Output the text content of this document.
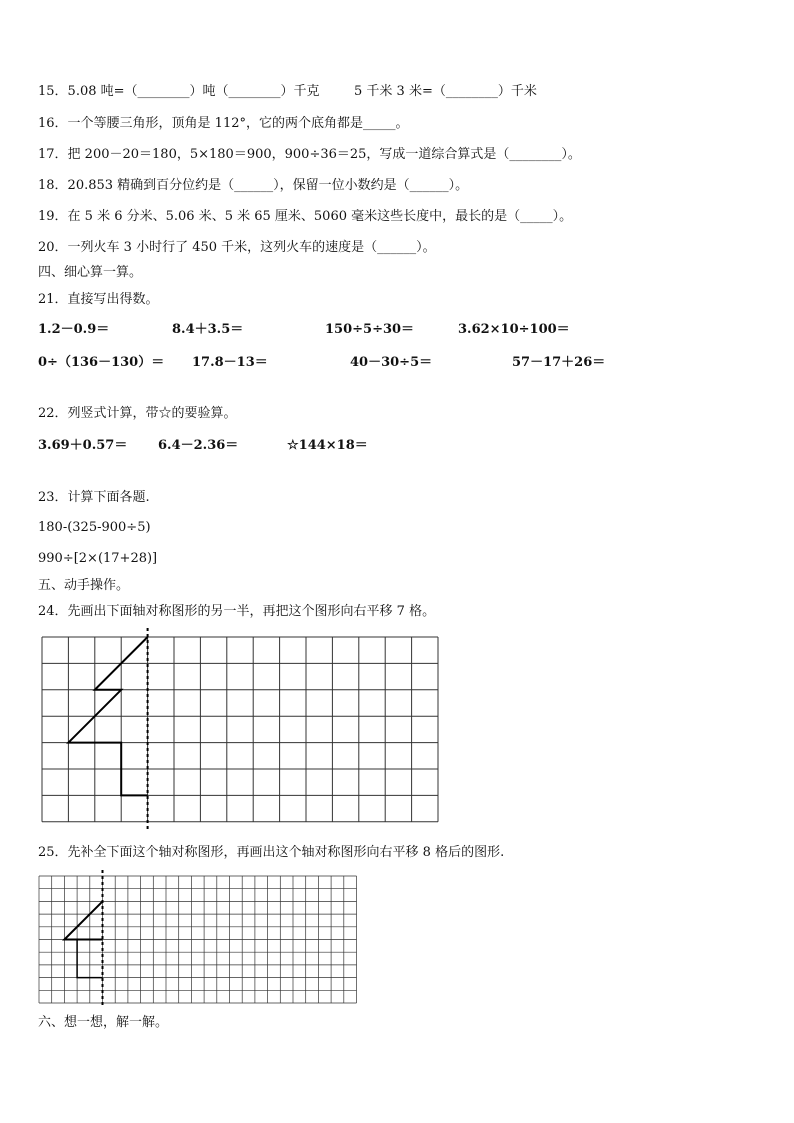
15．5.08 吨=（________）吨（________）千克	5 千米 3 米=（________）千米
16．一个等腰三角形，顶角是 112°，它的两个底角都是_____。
17．把 200－20＝180，5×180＝900，900÷36＝25，写成一道综合算式是（________）。
18．20.853 精确到百分位约是（______），保留一位小数约是（______）。
19．在 5 米 6 分米、5.06 米、5 米 65 厘米、5060 毫米这些长度中，最长的是（_____）。
20．一列火车 3 小时行了 450 千米，这列火车的速度是（______）。
四、细心算一算。
21．直接写出得数。
1.2－0.9＝	8.4＋3.5＝	150÷5÷30＝	3.62×10÷100＝
0÷（136－130）＝ 17.8－13＝	40－30÷5＝	57－17＋26＝
22．列竖式计算，带☆的要验算。
3.69＋0.57＝ 6.4－2.36＝	☆144×18＝
23．计算下面各题.
180-(325-900÷5)
990÷[2×(17+28)]
五、动手操作。
24．先画出下面轴对称图形的另一半，再把这个图形向右平移 7 格。
25．先补全下面这个轴对称图形，再画出这个轴对称图形向右平移 8 格后的图形.
六、想一想，解一解。
